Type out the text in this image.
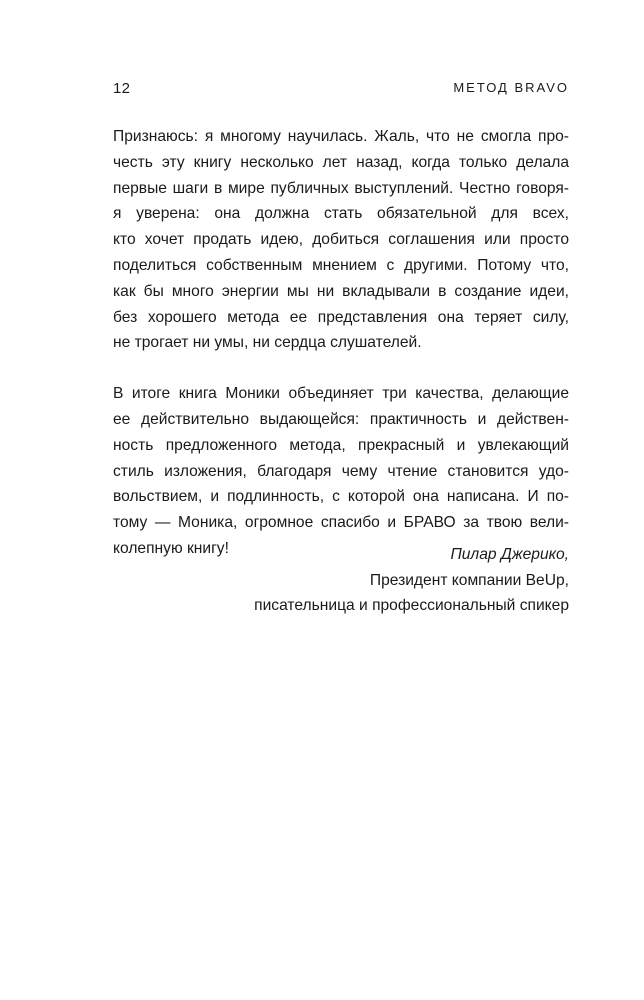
12	МЕТОД BRAVO

Признаюсь: я многому научилась. Жаль, что не смогла про-
честь эту книгу несколько лет назад, когда только делала
первые шаги в мире публичных выступлений. Честно говоря-
я уверена: она должна стать обязательной для всех,
кто хочет продать идею, добиться соглашения или просто
поделиться собственным мнением с другими. Потому что,
как бы много энергии мы ни вкладывали в создание идеи,
без хорошего метода ее представления она теряет силу,
не трогает ни умы, ни сердца слушателей.

В итоге книга Моники объединяет три качества, делающие
ее действительно выдающейся: практичность и действен-
ность предложенного метода, прекрасный и увлекающий
стиль изложения, благодаря чему чтение становится удо-
вольствием, и подлинность, с которой она написана. И по-
тому — Моника, огромное спасибо и БРАВО за твою вели-
колепную книгу!	Пилар Джерико,
Президент компании BeUp,
писательница и профессиональный спикер
